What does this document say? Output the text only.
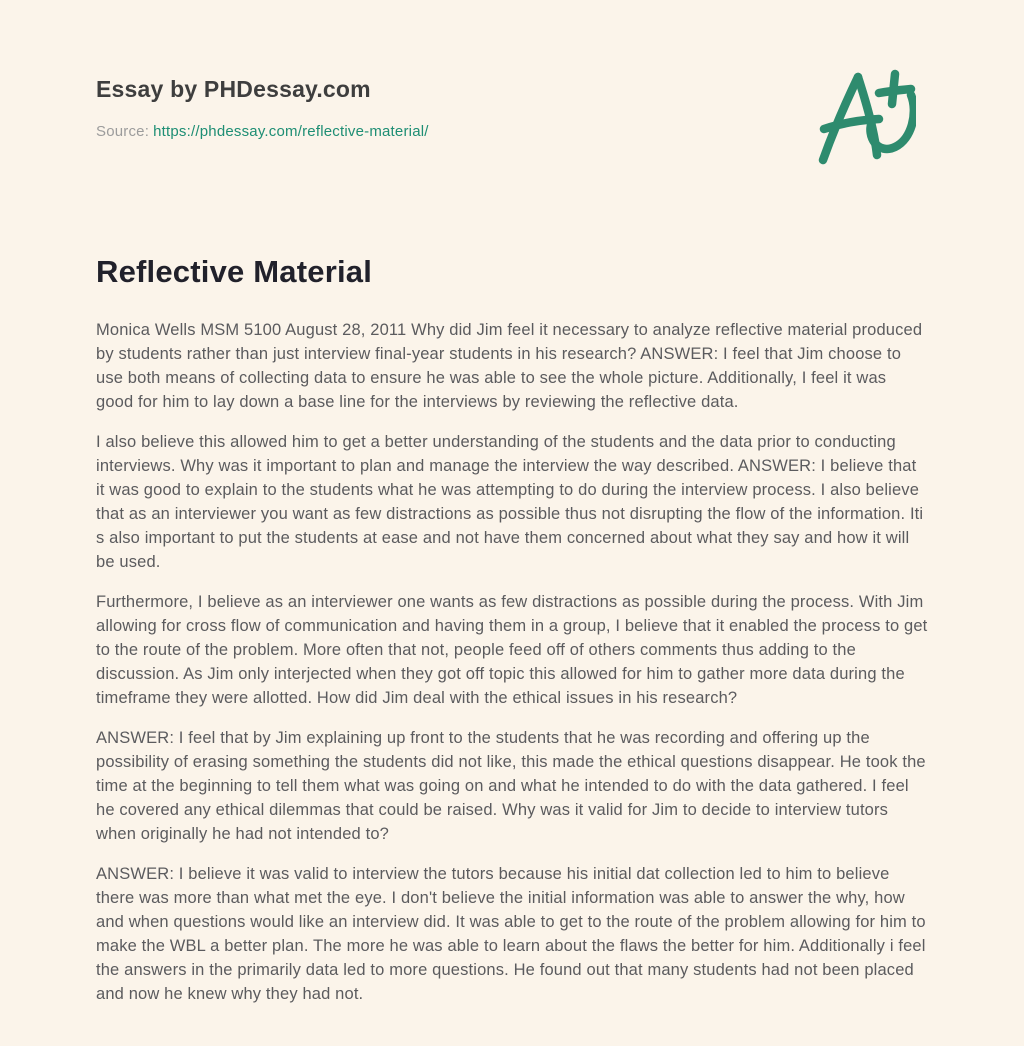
Essay by PHDessay.com
Source: https://phdessay.com/reflective-material/
Reflective Material

Monica Wells MSM 5100 August 28, 2011 Why did Jim feel it necessary to analyze reflective material produced by students rather than just interview final-year students in his research? ANSWER: I feel that Jim choose to use both means of collecting data to ensure he was able to see the whole picture. Additionally, I feel it was good for him to lay down a base line for the interviews by reviewing the reflective data.

I also believe this allowed him to get a better understanding of the students and the data prior to conducting interviews. Why was it important to plan and manage the interview the way described. ANSWER: I believe that it was good to explain to the students what he was attempting to do during the interview process. I also believe that as an interviewer you want as few distractions as possible thus not disrupting the flow of the information. Iti s also important to put the students at ease and not have them concerned about what they say and how it will be used.

Furthermore, I believe as an interviewer one wants as few distractions as possible during the process. With Jim allowing for cross flow of communication and having them in a group, I believe that it enabled the process to get to the route of the problem. More often that not, people feed off of others comments thus adding to the discussion. As Jim only interjected when they got off topic this allowed for him to gather more data during the timeframe they were allotted. How did Jim deal with the ethical issues in his research?

ANSWER: I feel that by Jim explaining up front to the students that he was recording and offering up the possibility of erasing something the students did not like, this made the ethical questions disappear. He took the time at the beginning to tell them what was going on and what he intended to do with the data gathered. I feel he covered any ethical dilemmas that could be raised. Why was it valid for Jim to decide to interview tutors when originally he had not intended to?

ANSWER: I believe it was valid to interview the tutors because his initial dat collection led to him to believe there was more than what met the eye. I don't believe the initial information was able to answer the why, how and when questions would like an interview did. It was able to get to the route of the problem allowing for him to make the WBL a better plan. The more he was able to learn about the flaws the better for him. Additionally i feel the answers in the primarily data led to more questions. He found out that many students had not been placed and now he knew why they had not.
